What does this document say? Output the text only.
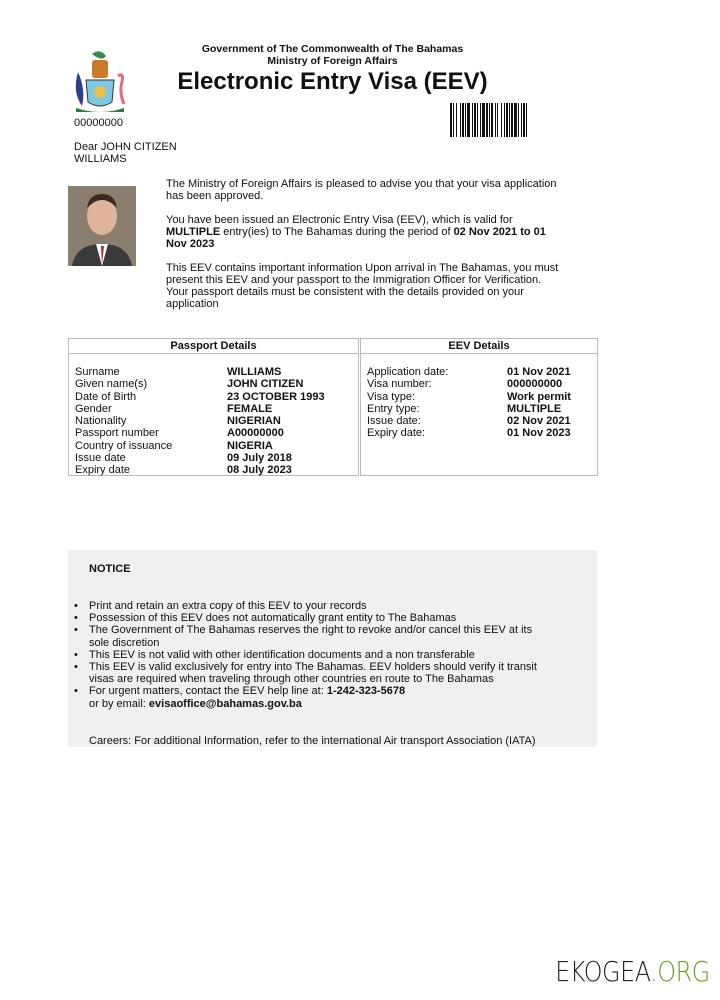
Government of The Commonwealth of The Bahamas
Ministry of Foreign Affairs
Electronic Entry Visa (EEV)
00000000
Dear JOHN CITIZEN
WILLIAMS

The Ministry of Foreign Affairs is pleased to advise you that your visa application has been approved.

You have been issued an Electronic Entry Visa (EEV), which is valid for MULTIPLE entry(ies) to The Bahamas during the period of 02 Nov 2021 to 01 Nov 2023

This EEV contains important information Upon arrival in The Bahamas, you must present this EEV and your passport to the Immigration Officer for Verification. Your passport details must be consistent with the details provided on your application

Passport Details
Surname	WILLIAMS
Given name(s)	JOHN CITIZEN
Date of Birth	23 OCTOBER 1993
Gender	FEMALE
Nationality	NIGERIAN
Passport number	A00000000
Country of issuance	NIGERIA
Issue date	09 July 2018
Expiry date	08 July 2023
EEV Details
Application date:	01 Nov 2021
Visa number:	000000000
Visa type:	Work permit
Entry type:	MULTIPLE
Issue date:	02 Nov 2021
Expiry date:	01 Nov 2023
NOTICE
• Print and retain an extra copy of this EEV to your records
• Possession of this EEV does not automatically grant entity to The Bahamas
• The Government of The Bahamas reserves the right to revoke and/or cancel this EEV at its sole discretion
• This EEV is not valid with other identification documents and a non transferable
• This EEV is valid exclusively for entry into The Bahamas. EEV holders should verify it transit visas are required when traveling through other countries en route to The Bahamas
• For urgent matters, contact the EEV help line at: 1-242-323-5678
or by email: evisaoffice@bahamas.gov.ba
Careers: For additional Information, refer to the international Air transport Association (IATA)
EKOGEA.ORG
